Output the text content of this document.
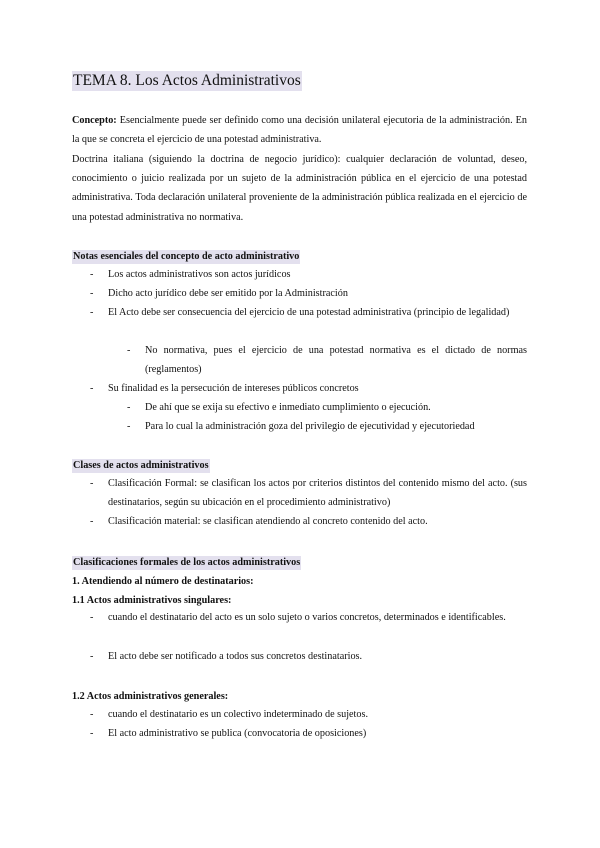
TEMA 8. Los Actos Administrativos

Concepto: Esencialmente puede ser definido como una decisión unilateral ejecutoria de la administración. En la que se concreta el ejercicio de una potestad administrativa.

Doctrina italiana (siguiendo la doctrina de negocio jurídico): cualquier declaración de voluntad, deseo, conocimiento o juicio realizada por un sujeto de la administración pública en el ejercicio de una potestad administrativa. Toda declaración unilateral proveniente de la administración pública realizada en el ejercicio de una potestad administrativa no normativa.

Notas esenciales del concepto de acto administrativo
-	Los actos administrativos son actos jurídicos
-	Dicho acto jurídico debe ser emitido por la Administración
-	El Acto debe ser consecuencia del ejercicio de una potestad administrativa (principio de legalidad)
-	No normativa, pues el ejercicio de una potestad normativa es el dictado de normas (reglamentos)
-	Su finalidad es la persecución de intereses públicos concretos
-	De ahí que se exija su efectivo e inmediato cumplimiento o ejecución.
-	Para lo cual la administración goza del privilegio de ejecutividad y ejecutoriedad
Clases de actos administrativos
-	Clasificación Formal: se clasifican los actos por criterios distintos del contenido mismo del acto. (sus destinatarios, según su ubicación en el procedimiento administrativo)
-	Clasificación material: se clasifican atendiendo al concreto contenido del acto.
Clasificaciones formales de los actos administrativos
1. Atendiendo al número de destinatarios:
1.1 Actos administrativos singulares:
-	cuando el destinatario del acto es un solo sujeto o varios concretos, determinados e identificables.
-	El acto debe ser notificado a todos sus concretos destinatarios.
1.2 Actos administrativos generales:
-	cuando el destinatario es un colectivo indeterminado de sujetos.
-	El acto administrativo se publica (convocatoria de oposiciones)
